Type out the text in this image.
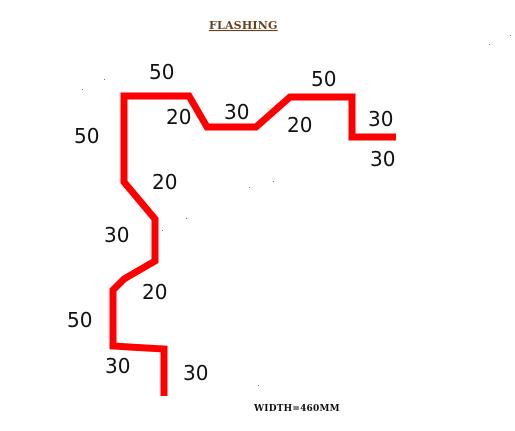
FLASHING
50
50
50
20 30
20	30
30
20
30
20
50
30	30
WIDTH=460MM
